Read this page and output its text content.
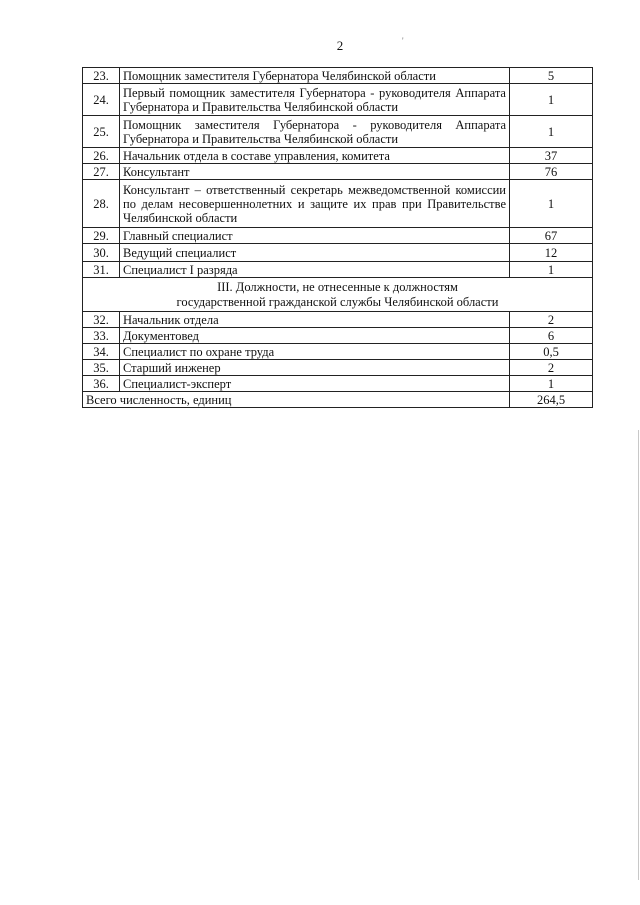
2	'
23.	Помощник заместителя Губернатора Челябинской области	5
24.	Первый помощник заместителя Губернатора - руководителя Аппарата Губернатора и Правительства Челябинской области	1
25.	Помощник заместителя Губернатора - руководителя Аппарата Губернатора и Правительства Челябинской области	1
26.	Начальник отдела в составе управления, комитета	37
27.	Консультант	76
28.	Консультант – ответственный секретарь межведомственной комиссии по делам несовершеннолетних и защите их прав при Правительстве Челябинской области	1
29.	Главный специалист	67
30.	Ведущий специалист	12
31.	Специалист I разряда	1

III. Должности, не отнесенные к должностям
государственной гражданской службы Челябинской области		

32.	Начальник отдела	2
33.	Документовед	6
34.	Специалист по охране труда	0,5
35.	Старший инженер	2
36.	Специалист-эксперт	1
Всего численность, единиц		264,5
